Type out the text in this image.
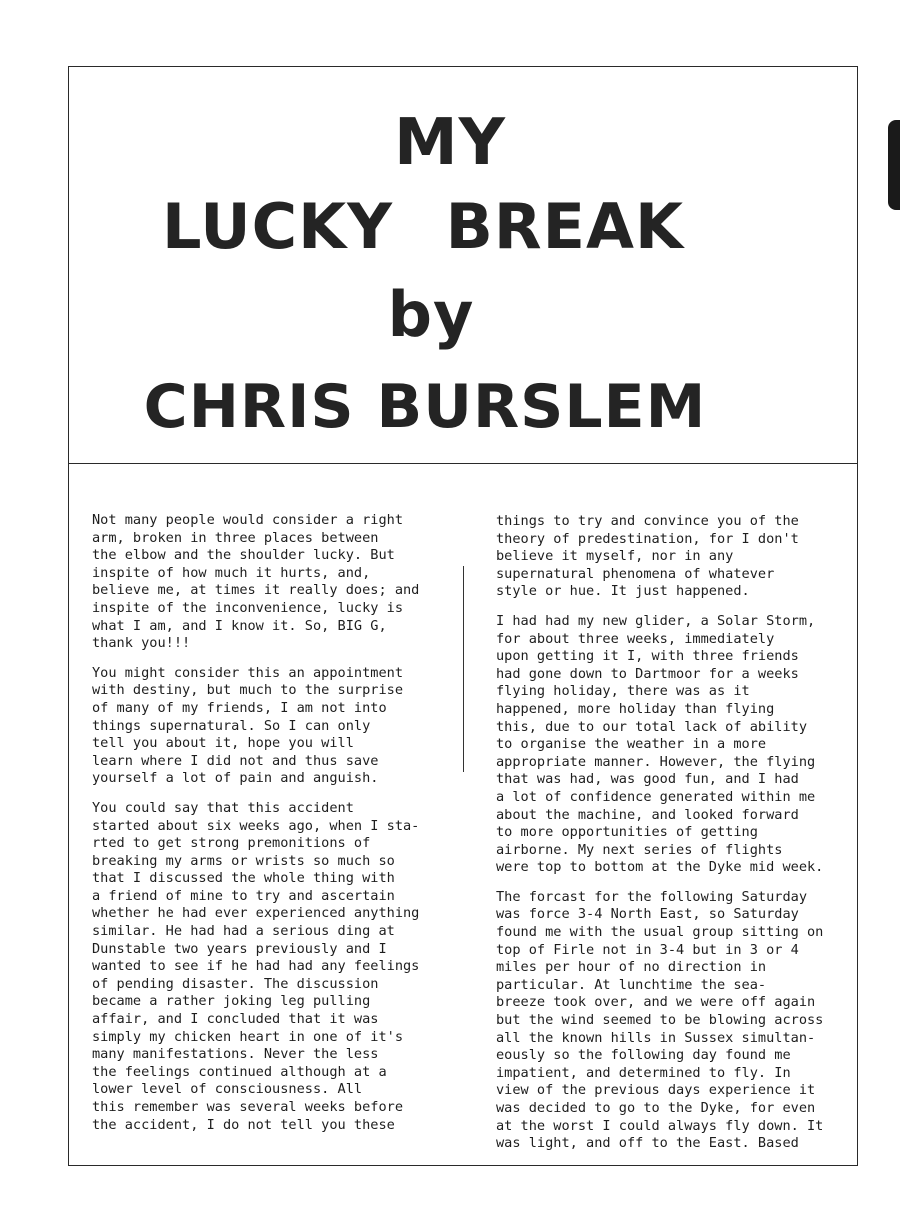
MY
LUCKY BREAK
by
CHRIS BURSLEM
Not many people would consider a right
arm, broken in three places between
the elbow and the shoulder lucky. But
inspite of how much it hurts, and,
believe me, at times it really does; and
inspite of the inconvenience, lucky is
what I am, and I know it. So, BIG G,
thank you!!!
You might consider this an appointment
with destiny, but much to the surprise
of many of my friends, I am not into
things supernatural. So I can only
tell you about it, hope you will
learn where I did not and thus save
yourself a lot of pain and anguish.
You could say that this accident
started about six weeks ago, when I sta-
rted to get strong premonitions of
breaking my arms or wrists so much so
that I discussed the whole thing with
a friend of mine to try and ascertain
whether he had ever experienced anything
similar. He had had a serious ding at
Dunstable two years previously and I
wanted to see if he had had any feelings
of pending disaster. The discussion
became a rather joking leg pulling
affair, and I concluded that it was
simply my chicken heart in one of it's
many manifestations. Never the less
the feelings continued although at a
lower level of consciousness. All
this remember was several weeks before
the accident, I do not tell you these
things to try and convince you of the
theory of predestination, for I don't
believe it myself, nor in any
supernatural phenomena of whatever
style or hue. It just happened.
I had had my new glider, a Solar Storm,
for about three weeks, immediately
upon getting it I, with three friends
had gone down to Dartmoor for a weeks
flying holiday, there was as it
happened, more holiday than flying
this, due to our total lack of ability
to organise the weather in a more
appropriate manner. However, the flying
that was had, was good fun, and I had
a lot of confidence generated within me
about the machine, and looked forward
to more opportunities of getting
airborne. My next series of flights
were top to bottom at the Dyke mid week.
The forcast for the following Saturday
was force 3-4 North East, so Saturday
found me with the usual group sitting on
top of Firle not in 3-4 but in 3 or 4
miles per hour of no direction in
particular. At lunchtime the sea-
breeze took over, and we were off again
but the wind seemed to be blowing across
all the known hills in Sussex simultan-
eously so the following day found me
impatient, and determined to fly. In
view of the previous days experience it
was decided to go to the Dyke, for even
at the worst I could always fly down. It
was light, and off to the East. Based
